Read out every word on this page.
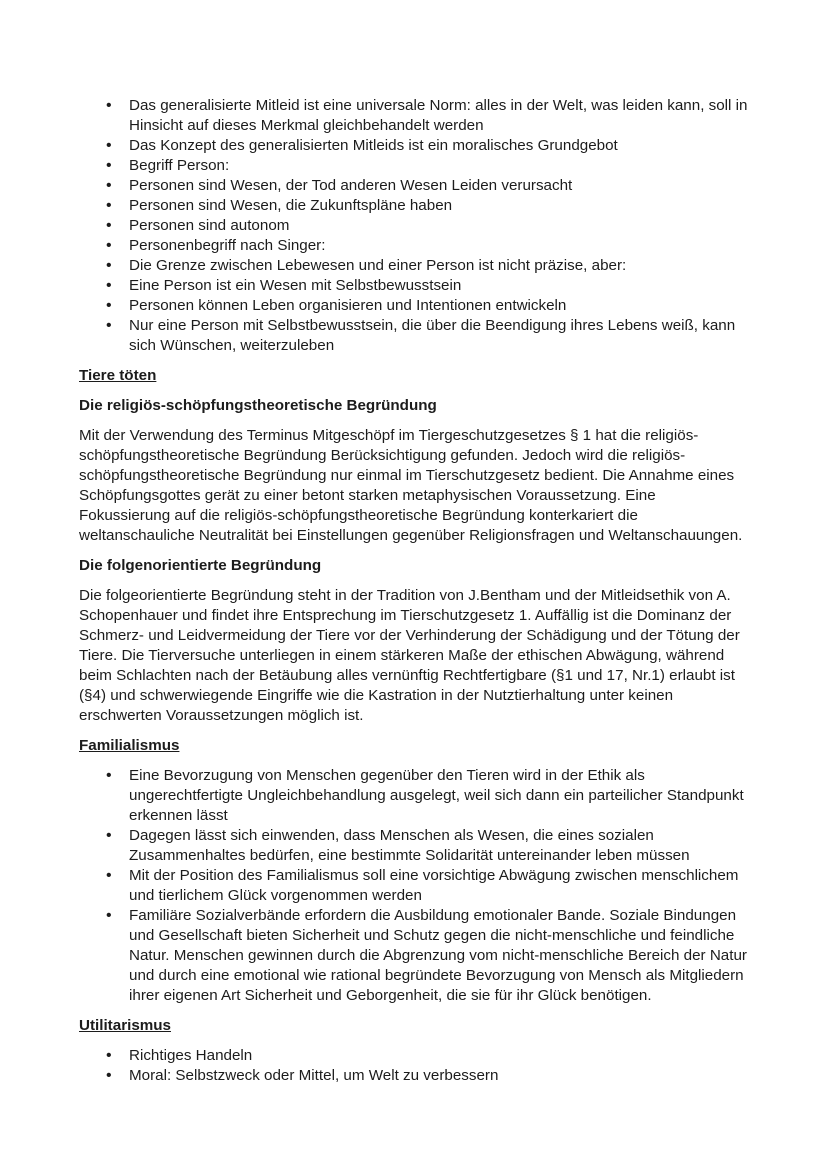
• Das generalisierte Mitleid ist eine universale Norm: alles in der Welt, was leiden kann, soll in Hinsicht auf dieses Merkmal gleichbehandelt werden
• Das Konzept des generalisierten Mitleids ist ein moralisches Grundgebot
• Begriff Person:
• Personen sind Wesen, der Tod anderen Wesen Leiden verursacht
• Personen sind Wesen, die Zukunftspläne haben
• Personen sind autonom
• Personenbegriff nach Singer:
• Die Grenze zwischen Lebewesen und einer Person ist nicht präzise, aber:
• Eine Person ist ein Wesen mit Selbstbewusstsein
• Personen können Leben organisieren und Intentionen entwickeln
• Nur eine Person mit Selbstbewusstsein, die über die Beendigung ihres Lebens weiß, kann sich Wünschen, weiterzuleben
Tiere töten
Die religiös-schöpfungstheoretische Begründung

Mit der Verwendung des Terminus Mitgeschöpf im Tiergeschutzgesetzes § 1 hat die religiös-schöpfungstheoretische Begründung Berücksichtigung gefunden. Jedoch wird die religiös-schöpfungstheoretische Begründung nur einmal im Tierschutzgesetz bedient. Die Annahme eines Schöpfungsgottes gerät zu einer betont starken metaphysischen Voraussetzung. Eine Fokussierung auf die religiös-schöpfungstheoretische Begründung konterkariert die weltanschauliche Neutralität bei Einstellungen gegenüber Religionsfragen und Weltanschauungen.

Die folgenorientierte Begründung

Die folgeorientierte Begründung steht in der Tradition von J.Bentham und der Mitleidsethik von A. Schopenhauer und findet ihre Entsprechung im Tierschutzgesetz 1. Auffällig ist die Dominanz der Schmerz- und Leidvermeidung der Tiere vor der Verhinderung der Schädigung und der Tötung der Tiere. Die Tierversuche unterliegen in einem stärkeren Maße der ethischen Abwägung, während beim Schlachten nach der Betäubung alles vernünftig Rechtfertigbare (§1 und 17, Nr.1) erlaubt ist (§4) und schwerwiegende Eingriffe wie die Kastration in der Nutztierhaltung unter keinen erschwerten Voraussetzungen möglich ist.

Familialismus
• Eine Bevorzugung von Menschen gegenüber den Tieren wird in der Ethik als ungerechtfertigte Ungleichbehandlung ausgelegt, weil sich dann ein parteilicher Standpunkt erkennen lässt
• Dagegen lässt sich einwenden, dass Menschen als Wesen, die eines sozialen Zusammenhaltes bedürfen, eine bestimmte Solidarität untereinander leben müssen
• Mit der Position des Familialismus soll eine vorsichtige Abwägung zwischen menschlichem und tierlichem Glück vorgenommen werden
• Familiäre Sozialverbände erfordern die Ausbildung emotionaler Bande. Soziale Bindungen und Gesellschaft bieten Sicherheit und Schutz gegen die nicht-menschliche und feindliche Natur. Menschen gewinnen durch die Abgrenzung vom nicht-menschliche Bereich der Natur und durch eine emotional wie rational begründete Bevorzugung von Mensch als Mitgliedern ihrer eigenen Art Sicherheit und Geborgenheit, die sie für ihr Glück benötigen.
Utilitarismus
• Richtiges Handeln
• Moral: Selbstzweck oder Mittel, um Welt zu verbessern
